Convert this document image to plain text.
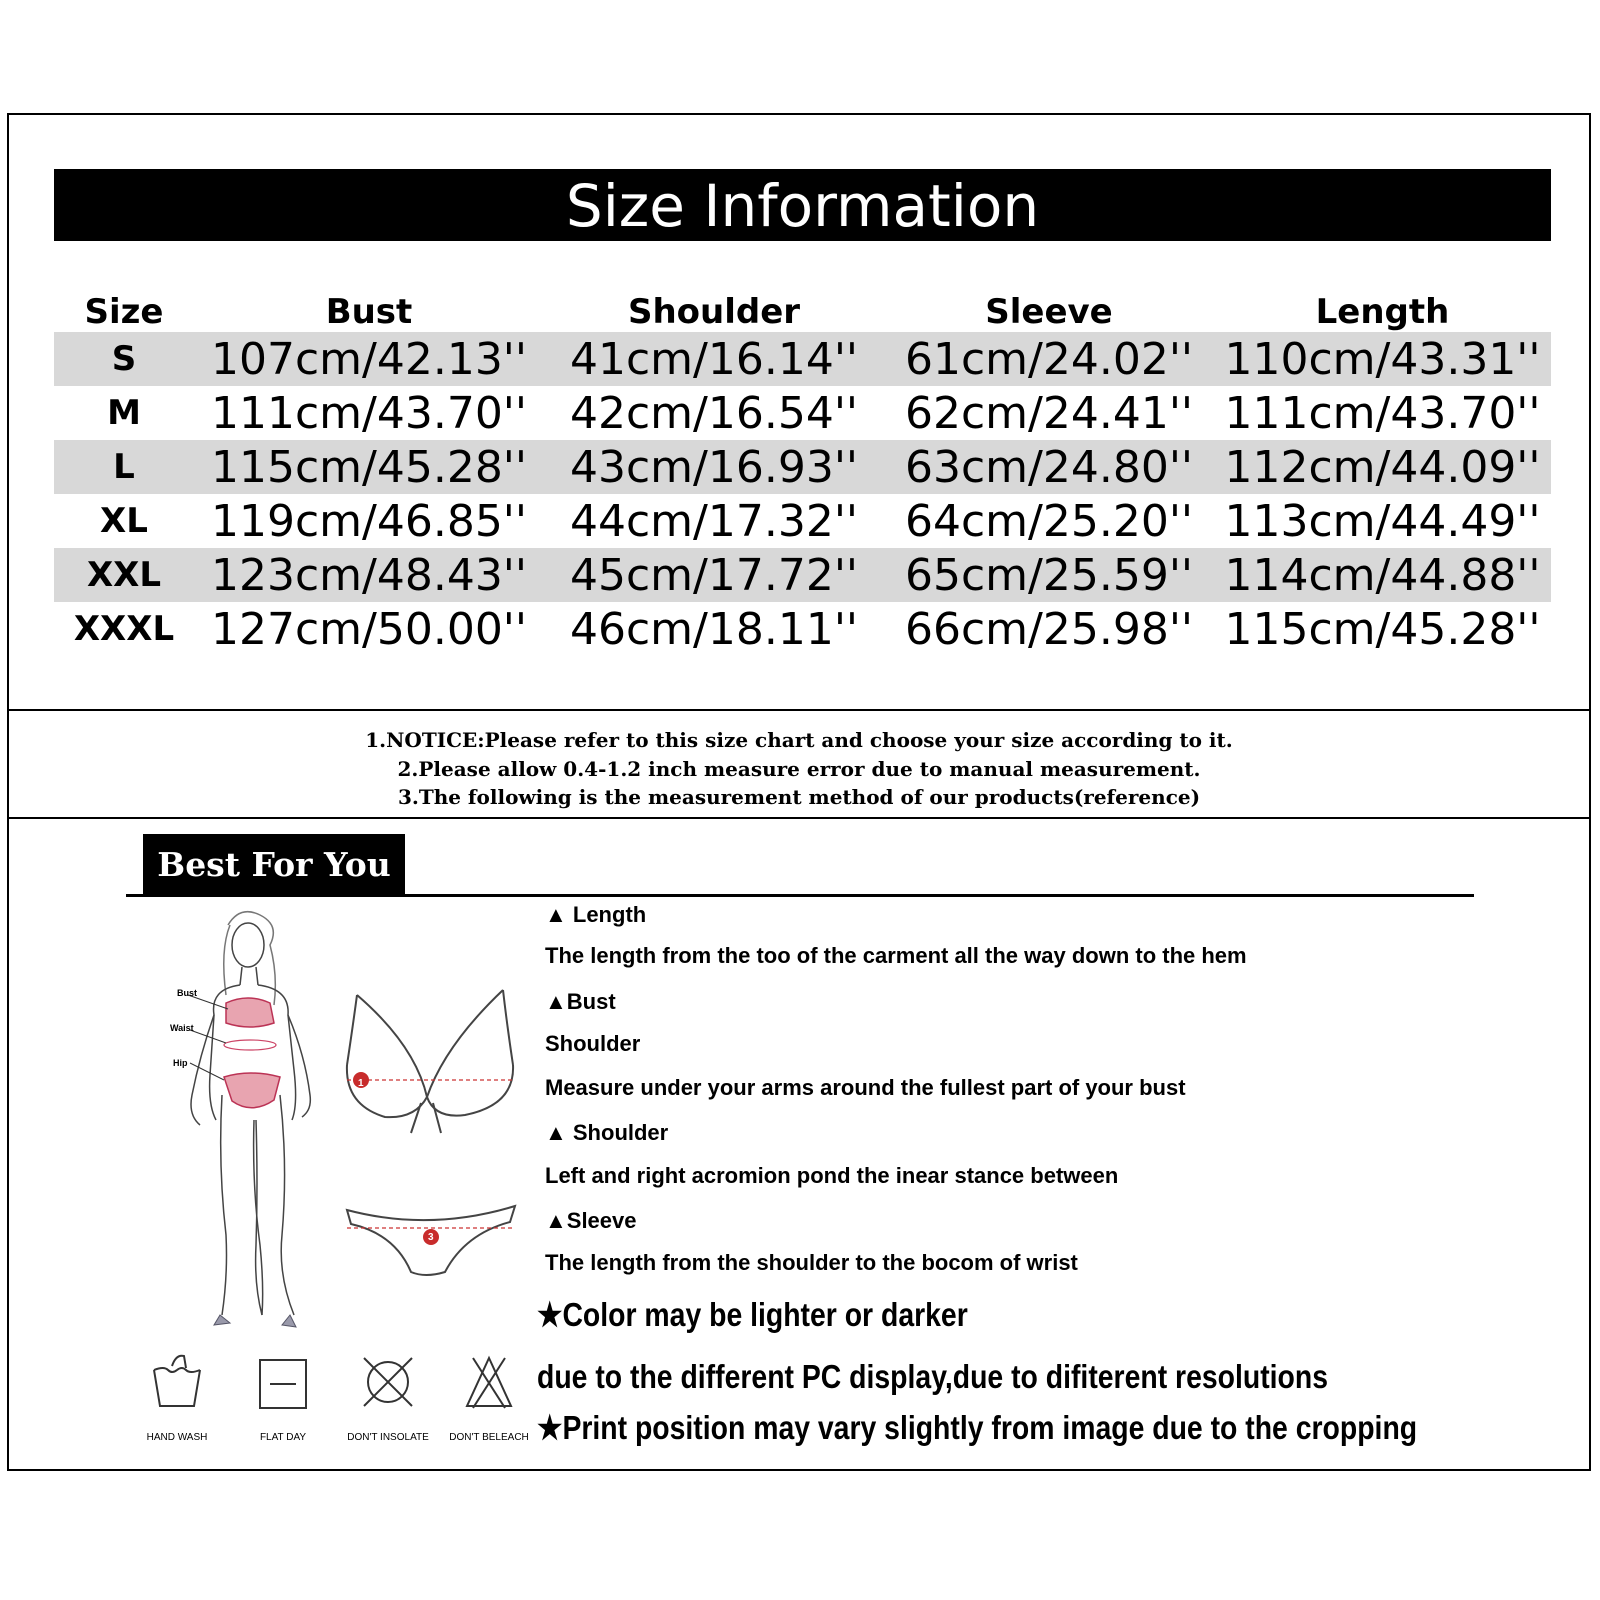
Size Information
Size	Bust	Shoulder	Sleeve	Length
S	107cm/42.13''	41cm/16.14''	61cm/24.02''	110cm/43.31''
M	111cm/43.70''	42cm/16.54''	62cm/24.41''	111cm/43.70''
L	115cm/45.28''	43cm/16.93''	63cm/24.80''	112cm/44.09''
XL	119cm/46.85''	44cm/17.32''	64cm/25.20''	113cm/44.49''
XXL	123cm/48.43''	45cm/17.72''	65cm/25.59''	114cm/44.88''
XXXL	127cm/50.00''	46cm/18.11''	66cm/25.98''	115cm/45.28''
1.NOTICE:Please refer to this size chart and choose your size according to it.
2.Please allow 0.4-1.2 inch measure error due to manual measurement.
3.The following is the measurement method of our products(reference)
Best For You
Bust
Waist
Hip
1
3
▲ Length
The length from the too of the carment all the way down to the hem
▲Bust
Shoulder
Measure under your arms around the fullest part of your bust
▲ Shoulder
Left and right acromion pond the inear stance between
▲Sleeve
The length from the shoulder to the bocom of wrist
★Color may be lighter or darker
due to the different PC display,due to difiterent resolutions
★Print position may vary slightly from image due to the cropping
HAND WASH	FLAT DAY	DON'T INSOLATE	DON'T BELEACH
